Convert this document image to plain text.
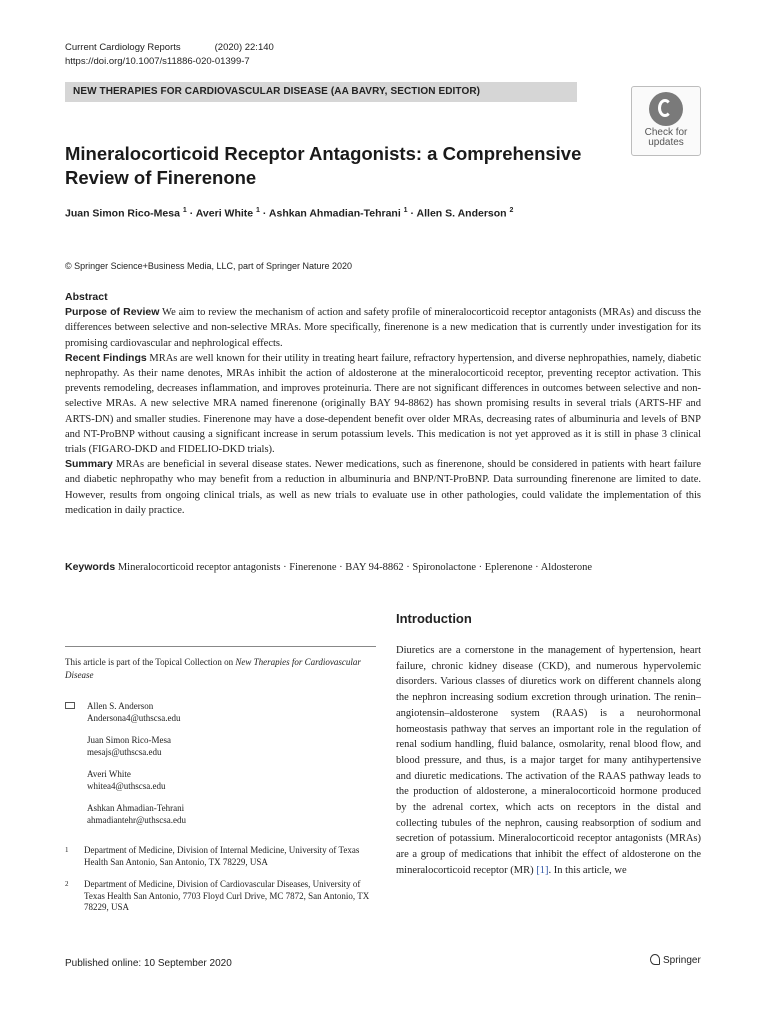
Current Cardiology Reports	(2020) 22:140
https://doi.org/10.1007/s11886-020-01399-7
NEW THERAPIES FOR CARDIOVASCULAR DISEASE (AA BAVRY, SECTION EDITOR)
Check for
updates
Mineralocorticoid Receptor Antagonists: a Comprehensive Review of Finerenone
Juan Simon Rico-Mesa $^1$ · Averi White $^1$ · Ashkan Ahmadian-Tehrani $^1$ · Allen S. Anderson $^2$
© Springer Science+Business Media, LLC, part of Springer Nature 2020
Abstract

Purpose of Review We aim to review the mechanism of action and safety profile of mineralocorticoid receptor antagonists (MRAs) and discuss the differences between selective and non-selective MRAs. More specifically, finerenone is a new medication that is currently under investigation for its promising cardiovascular and nephrological effects.

Recent Findings MRAs are well known for their utility in treating heart failure, refractory hypertension, and diverse nephropathies, namely, diabetic nephropathy. As their name denotes, MRAs inhibit the action of aldosterone at the mineralocorticoid receptor, preventing receptor activation. This prevents remodeling, decreases inflammation, and improves proteinuria. There are not significant differences in outcomes between selective and non-selective MRAs. A new selective MRA named finerenone (originally BAY 94-8862) has shown promising results in several trials (ARTS-HF and ARTS-DN) and smaller studies. Finerenone may have a dose-dependent benefit over older MRAs, decreasing rates of albuminuria and levels of BNP and NT-ProBNP without causing a significant increase in serum potassium levels. This medication is not yet approved as it is still in phase 3 clinical trials (FIGARO-DKD and FIDELIO-DKD trials).

Summary MRAs are beneficial in several disease states. Newer medications, such as finerenone, should be considered in patients with heart failure and diabetic nephropathy who may benefit from a reduction in albuminuria and BNP/NT-ProBNP. Data surrounding finerenone are limited to date. However, results from ongoing clinical trials, as well as new trials to evaluate use in other pathologies, could validate the implementation of this medication in daily practice.

Keywords Mineralocorticoid receptor antagonists · Finerenone · BAY 94-8862 · Spironolactone · Eplerenone · Aldosterone
Introduction
Diuretics are a cornerstone in the management of hypertension, heart failure, chronic kidney disease (CKD), and numerous hypervolemic disorders. Various classes of diuretics work on different channels along the nephron increasing sodium excretion through urination. The renin–angiotensin–aldosterone system (RAAS) is a neurohormonal homeostasis pathway that serves an important role in the regulation of renal sodium handling, fluid balance, osmolarity, renal blood flow, and blood pressure, and thus, is a major target for many antihypertensive and diuretic medications. The activation of the RAAS pathway leads to the production of aldosterone, a mineralocorticoid hormone produced by the adrenal cortex, which acts on receptors in the distal and collecting tubules of the nephron, causing reabsorption of sodium and secretion of potassium. Mineralocorticoid receptor antagonists (MRAs) are a group of medications that inhibit the effect of aldosterone on the mineralocorticoid receptor (MR) [1]. In this article, we
This article is part of the Topical Collection on New Therapies for Cardiovascular Disease
Allen S. Anderson
Andersona4@uthscsa.edu
Juan Simon Rico-Mesa
mesajs@uthscsa.edu
Averi White
whitea4@uthscsa.edu
Ashkan Ahmadian-Tehrani
ahmadiantehr@uthscsa.edu
1 Department of Medicine, Division of Internal Medicine, University of Texas Health San Antonio, San Antonio, TX 78229, USA
2 Department of Medicine, Division of Cardiovascular Diseases, University of Texas Health San Antonio, 7703 Floyd Curl Drive, MC 7872, San Antonio, TX 78229, USA
Published online: 10 September 2020	Springer
